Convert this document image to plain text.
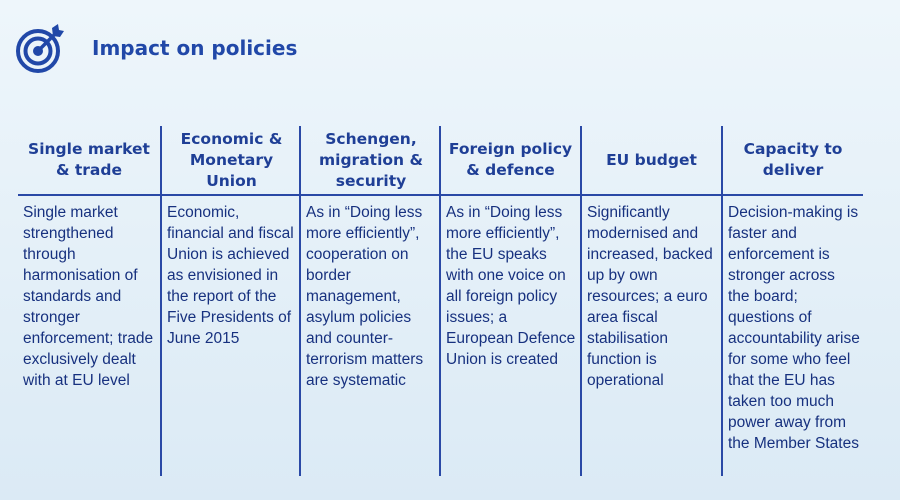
Impact on policies
Single market & trade
Single market strengthened through harmonisation of standards and stronger enforcement; trade exclusively dealt with at EU level
Economic & Monetary Union
Economic, financial and fiscal Union is achieved as envisioned in the report of the Five Presidents of June 2015
Schengen, migration & security
As in “Doing less more efficiently”, cooperation on border management, asylum policies and counter-terrorism matters are systematic
Foreign policy & defence
As in “Doing less more efficiently”, the EU speaks with one voice on all foreign policy issues; a European Defence Union is created
EU budget
Significantly modernised and increased, backed up by own resources; a euro area fiscal stabilisation function is operational
Capacity to deliver
Decision-making is faster and enforcement is stronger across the board; questions of accountability arise for some who feel that the EU has taken too much power away from the Member States
